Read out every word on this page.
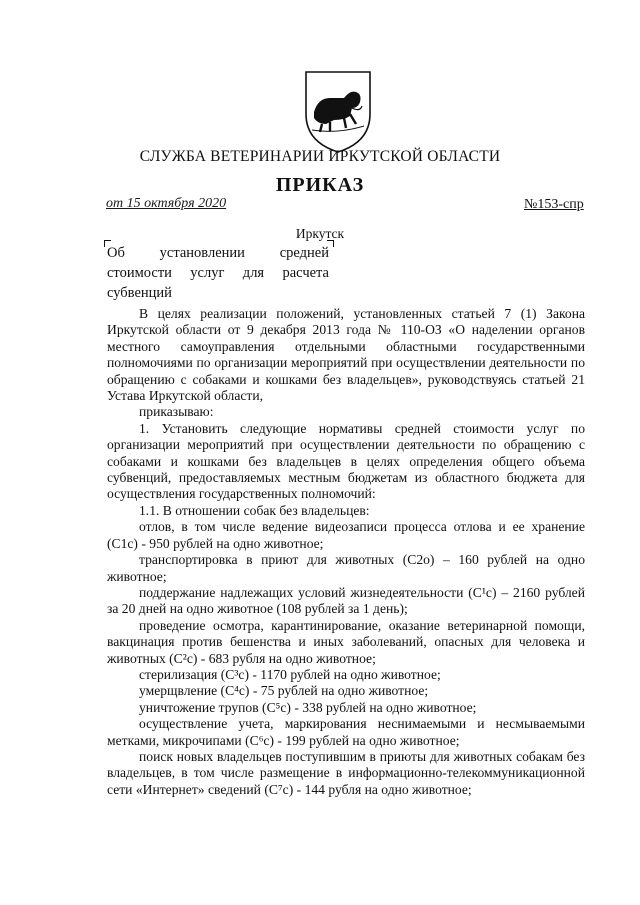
СЛУЖБА ВЕТЕРИНАРИИ ИРКУТСКОЙ ОБЛАСТИ
ПРИКАЗ
от 15 октября 2020	№153-спр
Иркутск
Об установлении средней
стоимости услуг для расчета
субвенций

В целях реализации положений, установленных статьей 7 (1) Закона Иркутской области от 9 декабря 2013 года № 110-ОЗ «О наделении органов местного самоуправления отдельными областными государственными полномочиями по организации мероприятий при осуществлении деятельности по обращению с собаками и кошками без владельцев», руководствуясь статьей 21 Устава Иркутской области,

приказываю:

1. Установить следующие нормативы средней стоимости услуг по организации мероприятий при осуществлении деятельности по обращению с собаками и кошками без владельцев в целях определения общего объема субвенций, предоставляемых местным бюджетам из областного бюджета для осуществления государственных полномочий:

1.1. В отношении собак без владельцев:

отлов, в том числе ведение видеозаписи процесса отлова и ее хранение (С1с) - 950 рублей на одно животное;

транспортировка в приют для животных (С2о) – 160 рублей на одно животное;

поддержание надлежащих условий жизнедеятельности (С¹с) – 2160 рублей за 20 дней на одно животное (108 рублей за 1 день);

проведение осмотра, карантинирование, оказание ветеринарной помощи, вакцинация против бешенства и иных заболеваний, опасных для человека и животных (С²с) - 683 рубля на одно животное;

стерилизация (С³с) - 1170 рублей на одно животное;

умерщвление (С⁴с) - 75 рублей на одно животное;

уничтожение трупов (С⁵с) - 338 рублей на одно животное;

осуществление учета, маркирования неснимаемыми и несмываемыми метками, микрочипами (С⁶с) - 199 рублей на одно животное;

поиск новых владельцев поступившим в приюты для животных собакам без владельцев, в том числе размещение в информационно-телекоммуникационной сети «Интернет» сведений (С⁷с) - 144 рубля на одно животное;
